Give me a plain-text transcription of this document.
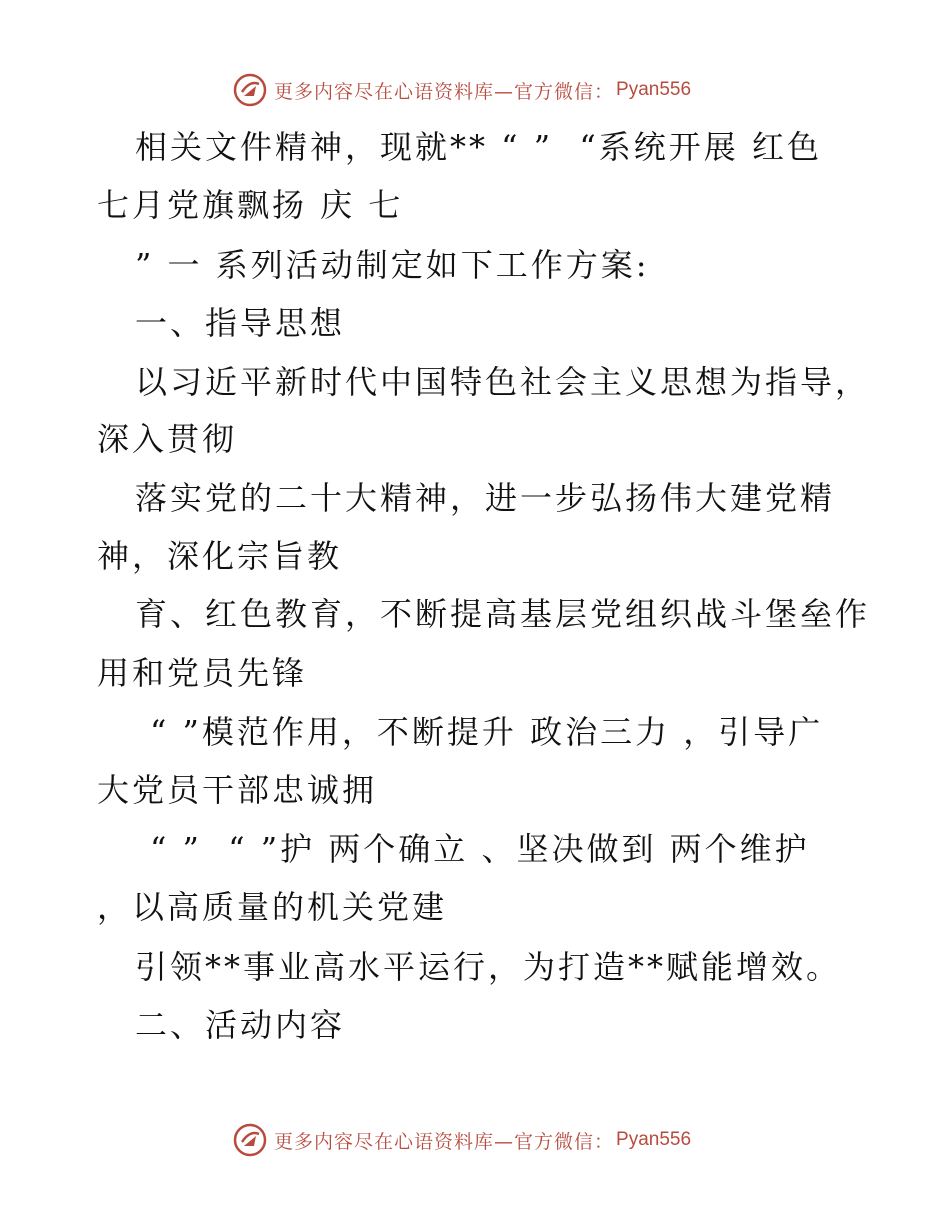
更多内容尽在心语资料库—官方微信： Pyan556
相关文件精神，现就** “ ”  “系统开展 红色
七月党旗飘扬 庆 七
” 一 系列活动制定如下工作方案:
一、指导思想
以习近平新时代中国特色社会主义思想为指导，
深入贯彻
落实党的二十大精神，进一步弘扬伟大建党精
神，深化宗旨教
育、红色教育，不断提高基层党组织战斗堡垒作
用和党员先锋
“ ”模范作用，不断提升 政治三力 ，引导广
大党员干部忠诚拥
“ ”  “ ”护 两个确立 、坚决做到 两个维护
，以高质量的机关党建
引领**事业高水平运行，为打造**赋能增效。
二、活动内容
更多内容尽在心语资料库—官方微信： Pyan556
